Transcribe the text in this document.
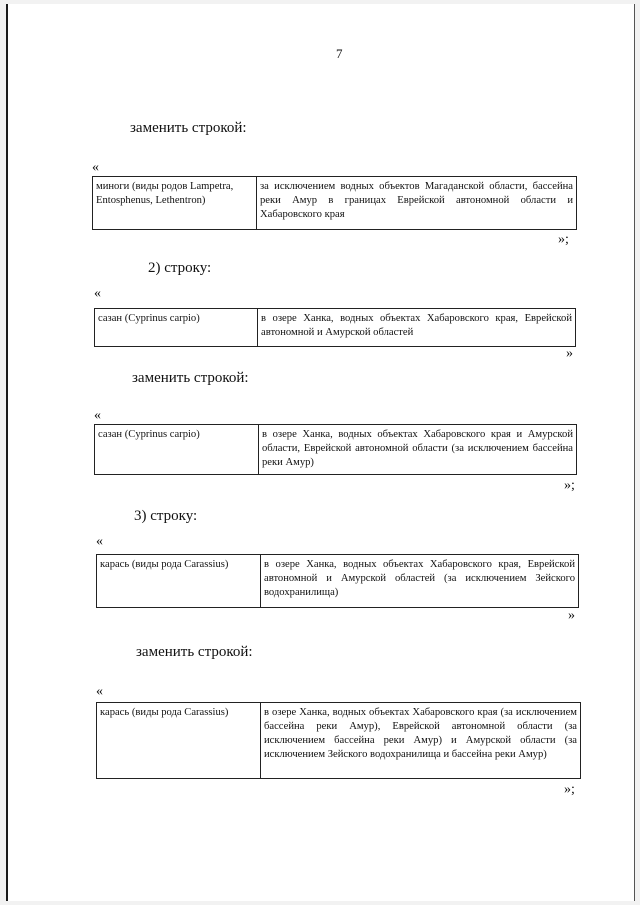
7
заменить строкой:
«
миноги (виды родов Lampetra, Entosphenus, Lethentron)	за исключением водных объектов Магаданской области, бассейна реки Амур в границах Еврейской автономной области и Хабаровского края
»;
2) строку:
«
сазан (Cyprinus carpio)	в озере Ханка, водных объектах Хабаровского края, Еврейской автономной и Амурской областей
»
заменить строкой:
«
сазан (Cyprinus carpio)	в озере Ханка, водных объектах Хабаровского края и Амурской области, Еврейской автономной области (за исключением бассейна реки Амур)
»;
3) строку:
«
карась (виды рода Carassius)	в озере Ханка, водных объектах Хабаровского края, Еврейской автономной и Амурской областей (за исключением Зейского водохранилища)
»
заменить строкой:
«
карась (виды рода Carassius)	в озере Ханка, водных объектах Хабаровского края (за исключением бассейна реки Амур), Еврейской автономной области (за исключением бассейна реки Амур) и Амурской области (за исключением Зейского водохранилища и бассейна реки Амур)
»;
